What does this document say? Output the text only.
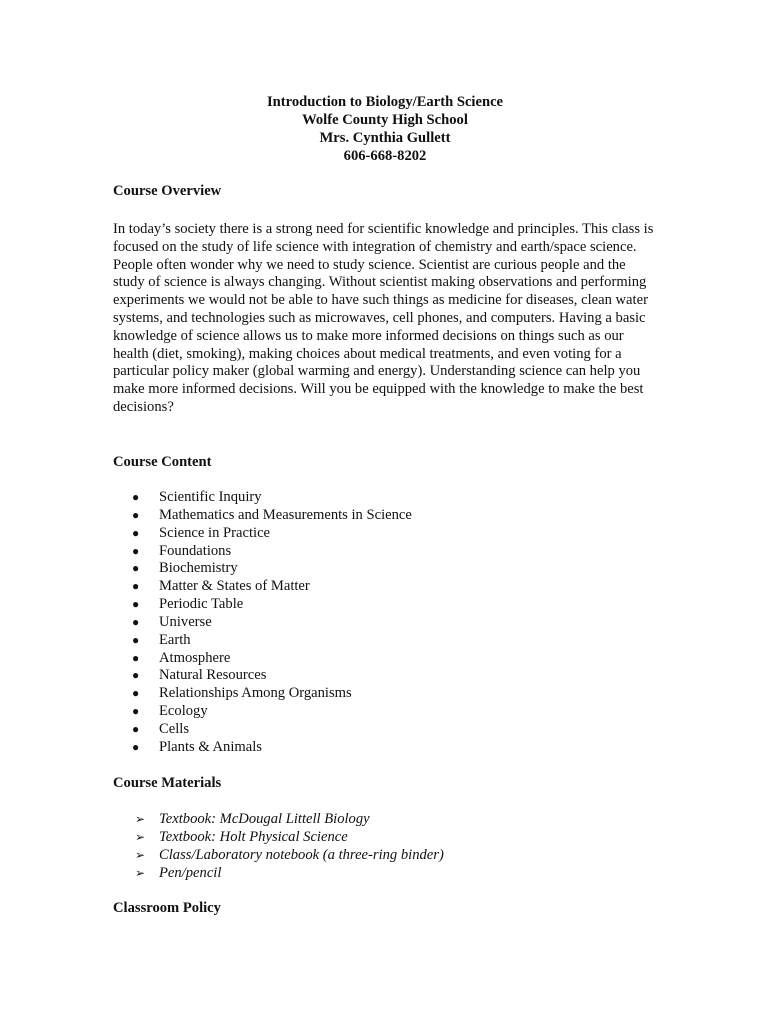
Introduction to Biology/Earth Science
Wolfe County High School
Mrs. Cynthia Gullett
606-668-8202
Course Overview

In today’s society there is a strong need for scientific knowledge and principles. This class is focused on the study of life science with integration of chemistry and earth/space science. People often wonder why we need to study science. Scientist are curious people and the study of science is always changing. Without scientist making observations and performing experiments we would not be able to have such things as medicine for diseases, clean water systems, and technologies such as microwaves, cell phones, and computers. Having a basic knowledge of science allows us to make more informed decisions on things such as our health (diet, smoking), making choices about medical treatments, and even voting for a particular policy maker (global warming and energy). Understanding science can help you make more informed decisions. Will you be equipped with the knowledge to make the best decisions?

Course Content
● Scientific Inquiry
● Mathematics and Measurements in Science
● Science in Practice
● Foundations
● Biochemistry
● Matter & States of Matter
● Periodic Table
● Universe
● Earth
● Atmosphere
● Natural Resources
● Relationships Among Organisms
● Ecology
● Cells
● Plants & Animals
Course Materials
➢ Textbook: McDougal Littell Biology
➢ Textbook: Holt Physical Science
➢ Class/Laboratory notebook (a three-ring binder)
➢ Pen/pencil
Classroom Policy
